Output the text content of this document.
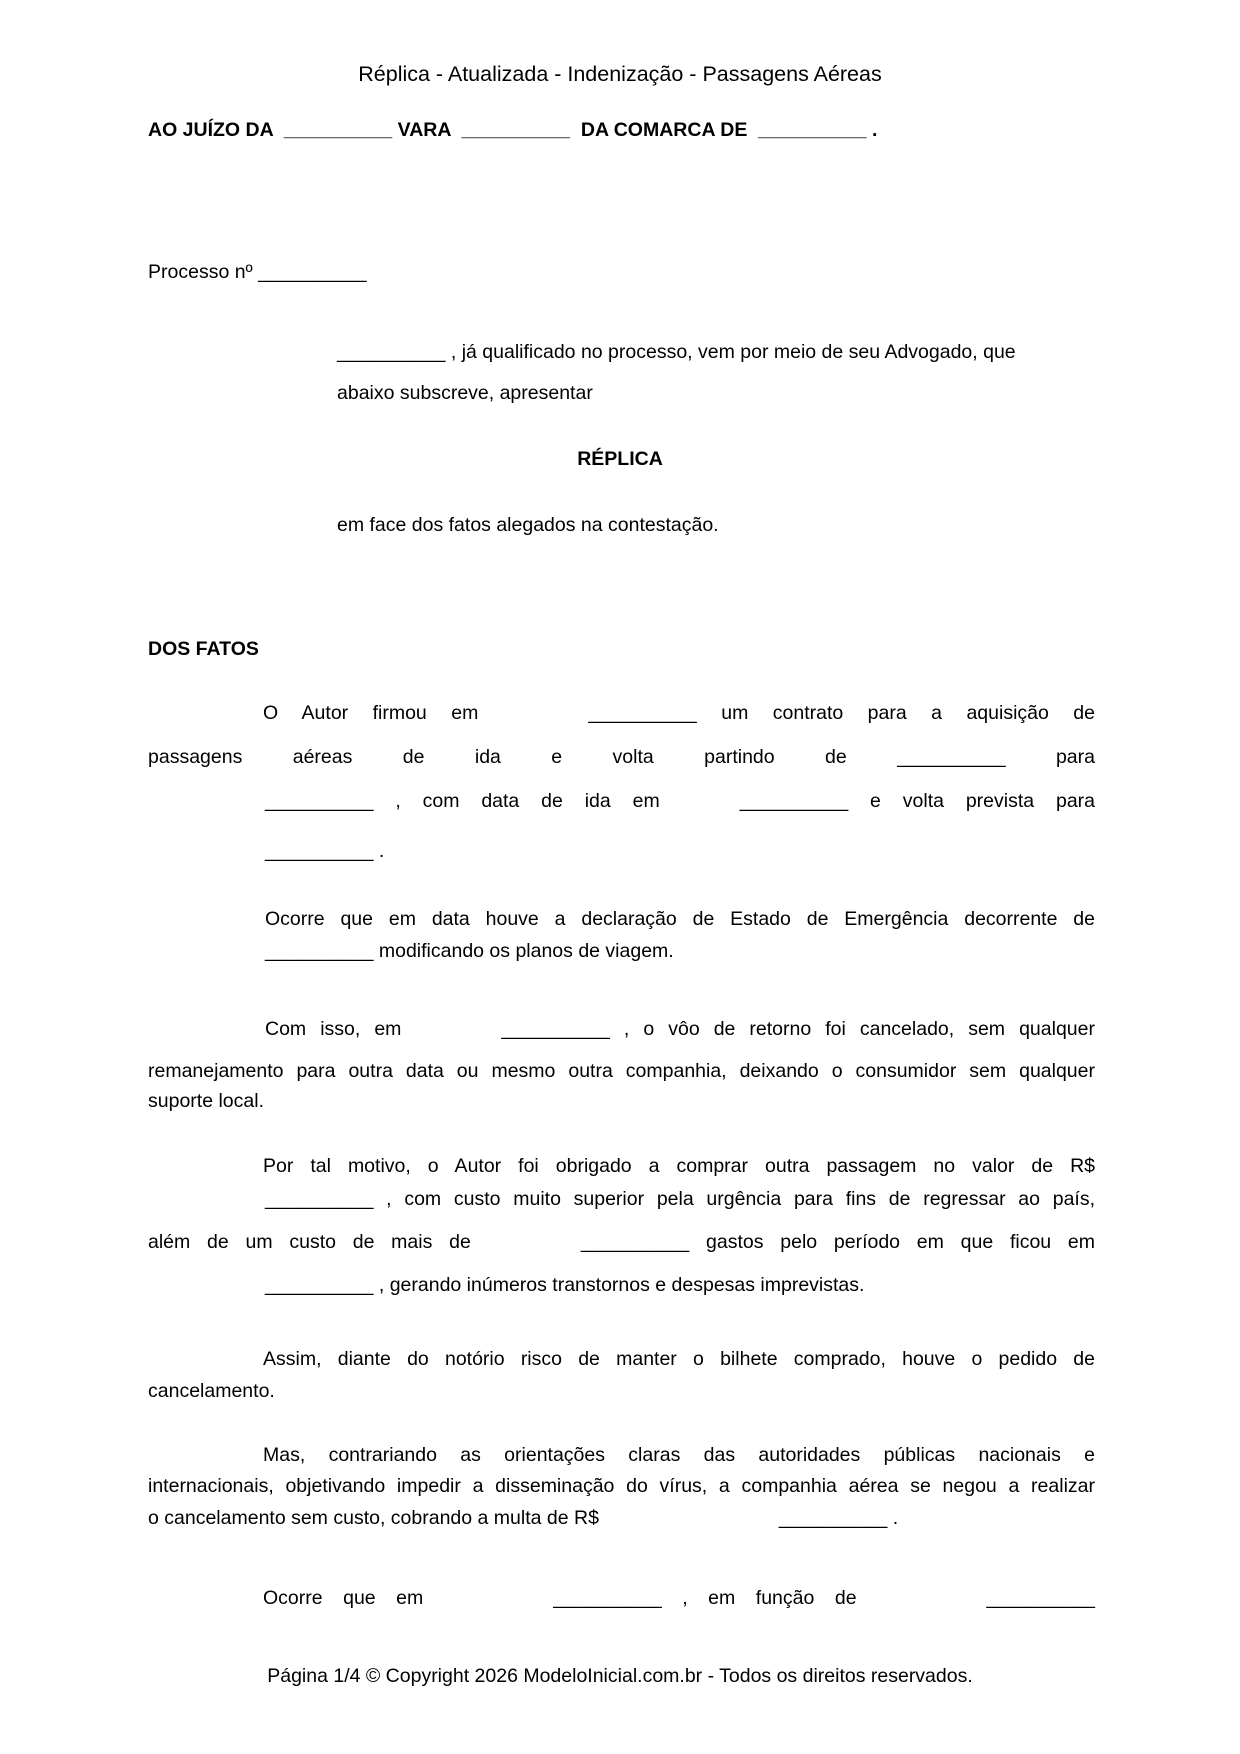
Réplica - Atualizada - Indenização - Passagens Aéreas
AO JUÍZO DA  __________ VARA  __________  DA COMARCA DE  __________ .
Processo nº __________
__________ , já qualificado no processo, vem por meio de seu Advogado, que
abaixo subscreve, apresentar
RÉPLICA
em face dos fatos alegados na contestação.
DOS FATOS
O Autor firmou em	__________ um contrato para a aquisição de
passagens aéreas de ida e volta partindo de __________ para
__________ , com data de ida em	__________ e volta prevista para
__________ .
Ocorre que em data houve a declaração de Estado de Emergência decorrente de
__________ modificando os planos de viagem.
Com isso, em	__________ , o vôo de retorno foi cancelado, sem qualquer
remanejamento para outra data ou mesmo outra companhia, deixando o consumidor sem qualquer
suporte local.
Por tal motivo, o Autor foi obrigado a comprar outra passagem no valor de R$
__________ , com custo muito superior pela urgência para fins de regressar ao país,
além de um custo de mais de	__________ gastos pelo período em que ficou em
__________ , gerando inúmeros transtornos e despesas imprevistas.
Assim, diante do notório risco de manter o bilhete comprado, houve o pedido de
cancelamento.
Mas, contrariando as orientações claras das autoridades públicas nacionais e
internacionais, objetivando impedir a disseminação do vírus, a companhia aérea se negou a realizar
o cancelamento sem custo, cobrando a multa de R$	__________ .
Ocorre que em	__________ , em função de	__________
Página 1/4 © Copyright 2026 ModeloInicial.com.br - Todos os direitos reservados.
